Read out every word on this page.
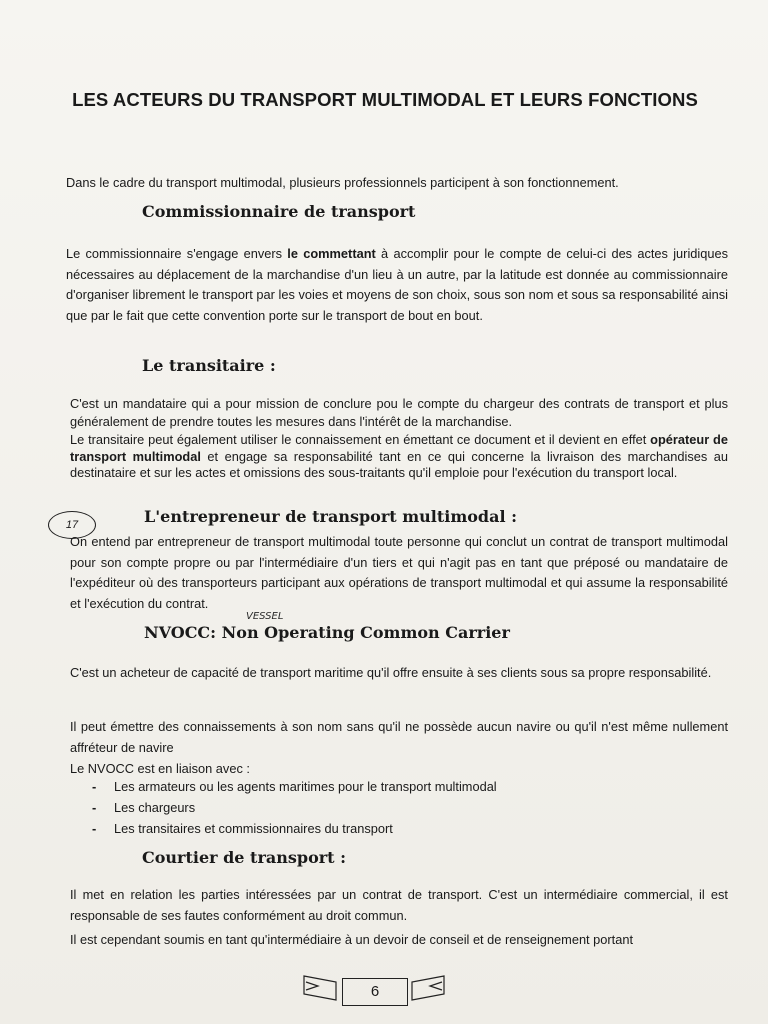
LES ACTEURS DU TRANSPORT MULTIMODAL ET LEURS FONCTIONS
Dans le cadre du transport multimodal, plusieurs professionnels participent à son fonctionnement.
Commissionnaire de transport
Le commissionnaire s'engage envers le commettant à accomplir pour le compte de celui-ci des actes juridiques nécessaires au déplacement de la marchandise d'un lieu à un autre, par la latitude est donnée au commissionnaire d'organiser librement le transport par les voies et moyens de son choix, sous son nom et sous sa responsabilité ainsi que par le fait que cette convention porte sur le transport de bout en bout.
Le transitaire :
C'est un mandataire qui a pour mission de conclure pou le compte du chargeur des contrats de transport et plus généralement de prendre toutes les mesures dans l'intérêt de la marchandise.
Le transitaire peut également utiliser le connaissement en émettant ce document et il devient en effet opérateur de transport multimodal et engage sa responsabilité tant en ce qui concerne la livraison des marchandises au destinataire et sur les actes et omissions des sous-traitants qu'il emploie pour l'exécution du transport local.
17	L'entrepreneur de transport multimodal :
On entend par entrepreneur de transport multimodal toute personne qui conclut un contrat de transport multimodal pour son compte propre ou par l'intermédiaire d'un tiers et qui n'agit pas en tant que préposé ou mandataire de l'expéditeur où des transporteurs participant aux opérations de transport multimodal et qui assume la responsabilité et l'exécution du contrat.
VESSEL
NVOCC: Non Operating Common Carrier
C'est un acheteur de capacité de transport maritime qu'il offre ensuite à ses clients sous sa propre responsabilité.
Il peut émettre des connaissements à son nom sans qu'il ne possède aucun navire ou qu'il n'est même nullement affréteur de navire
Le NVOCC est en liaison avec :
- Les armateurs ou les agents maritimes pour le transport multimodal
- Les chargeurs
- Les transitaires et commissionnaires du transport
Courtier de transport :
Il met en relation les parties intéressées par un contrat de transport. C'est un intermédiaire commercial, il est responsable de ses fautes conformément au droit commun.
Il est cependant soumis en tant qu'intermédiaire à un devoir de conseil et de renseignement portant
6
